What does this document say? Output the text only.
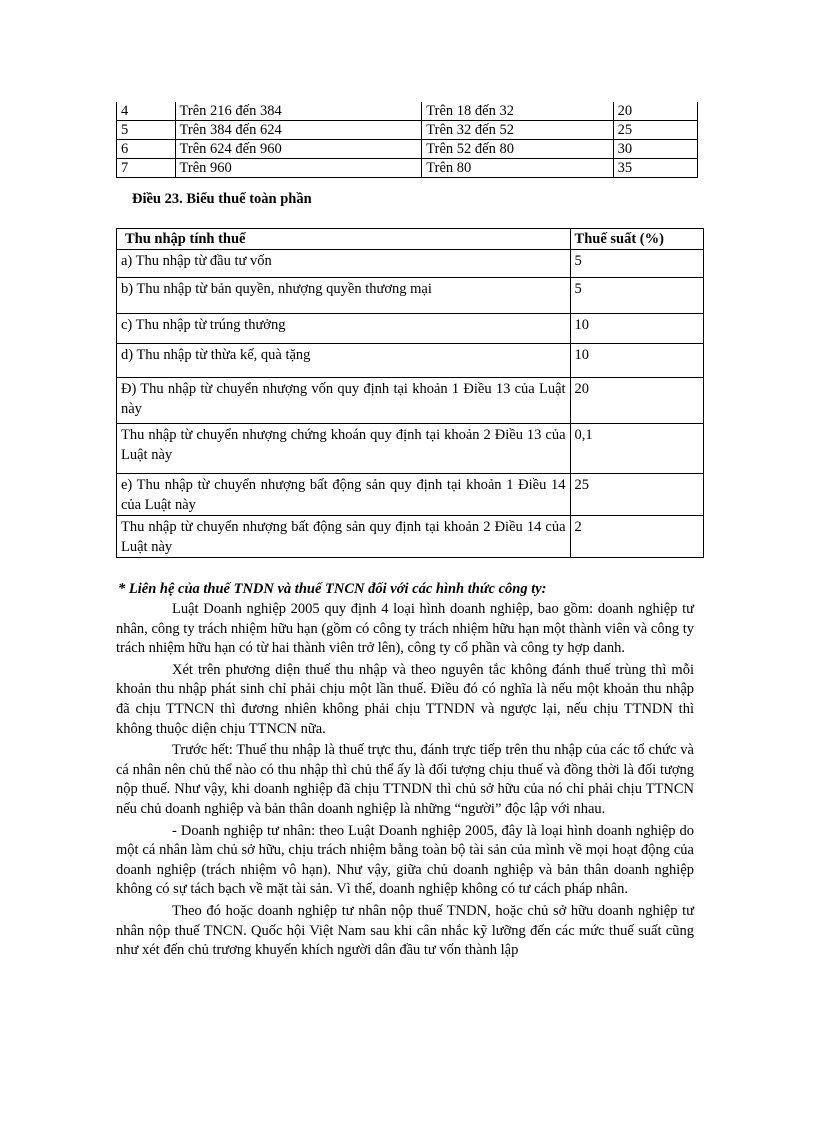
4	Trên 216 đến 384	Trên 18 đến 32	20
5	Trên 384 đến 624	Trên 32 đến 52	25
6	Trên 624 đến 960	Trên 52 đến 80	30
7	Trên 960	Trên 80	35
Điều 23. Biểu thuế toàn phần
Thu nhập tính thuế	Thuế suất (%)
a) Thu nhập từ đầu tư vốn	5
b) Thu nhập từ bản quyền, nhượng quyền thương mại	5
c) Thu nhập từ trúng thưởng	10
d) Thu nhập từ thừa kế, quà tặng	10
Đ) Thu nhập từ chuyển nhượng vốn quy định tại khoản 1 Điều 13 của Luật này	20
Thu nhập từ chuyển nhượng chứng khoán quy định tại khoản 2 Điều 13 của Luật này	0,1
e) Thu nhập từ chuyển nhượng bất động sản quy định tại khoản 1 Điều 14 của Luật này	25
Thu nhập từ chuyển nhượng bất động sản quy định tại khoản 2 Điều 14 của Luật này	2
* Liên hệ của thuế TNDN và thuế TNCN đối với các hình thức công ty:

Luật Doanh nghiệp 2005 quy định 4 loại hình doanh nghiệp, bao gồm: doanh nghiệp tư nhân, công ty trách nhiệm hữu hạn (gồm có công ty trách nhiệm hữu hạn một thành viên và công ty trách nhiệm hữu hạn có từ hai thành viên trở lên), công ty cổ phần và công ty hợp danh.

Xét trên phương diện thuế thu nhập và theo nguyên tắc không đánh thuế trùng thì mỗi khoản thu nhập phát sinh chỉ phải chịu một lần thuế. Điều đó có nghĩa là nếu một khoản thu nhập đã chịu TTNCN thì đương nhiên không phải chịu TTNDN và ngược lại, nếu chịu TTNDN thì không thuộc diện chịu TTNCN nữa.

Trước hết: Thuế thu nhập là thuế trực thu, đánh trực tiếp trên thu nhập của các tổ chức và cá nhân nên chủ thể nào có thu nhập thì chủ thể ấy là đối tượng chịu thuế và đồng thời là đối tượng nộp thuế. Như vậy, khi doanh nghiệp đã chịu TTNDN thì chủ sở hữu của nó chỉ phải chịu TTNCN nếu chủ doanh nghiệp và bản thân doanh nghiệp là những “người” độc lập với nhau.

- Doanh nghiệp tư nhân: theo Luật Doanh nghiệp 2005, đây là loại hình doanh nghiệp do một cá nhân làm chủ sở hữu, chịu trách nhiệm bằng toàn bộ tài sản của mình về mọi hoạt động của doanh nghiệp (trách nhiệm vô hạn). Như vậy, giữa chủ doanh nghiệp và bản thân doanh nghiệp không có sự tách bạch về mặt tài sản. Vì thế, doanh nghiệp không có tư cách pháp nhân.

Theo đó hoặc doanh nghiệp tư nhân nộp thuế TNDN, hoặc chủ sở hữu doanh nghiệp tư nhân nộp thuế TNCN. Quốc hội Việt Nam sau khi cân nhắc kỹ lưỡng đến các mức thuế suất cũng như xét đến chủ trương khuyến khích người dân đầu tư vốn thành lập
